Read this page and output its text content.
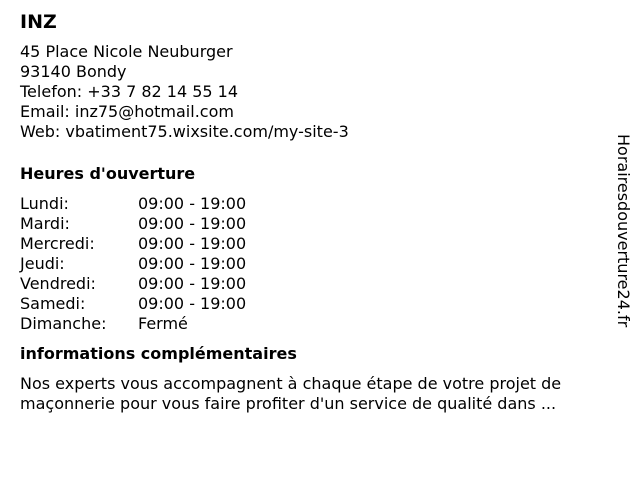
INZ
45 Place Nicole Neuburger
93140 Bondy
Telefon: +33 7 82 14 55 14
Email: inz75@hotmail.com
Web: vbatiment75.wixsite.com/my-site-3
Heures d'ouverture
Lundi:	09:00 - 19:00
Mardi:	09:00 - 19:00
Mercredi:	09:00 - 19:00
Jeudi:	09:00 - 19:00
Vendredi:	09:00 - 19:00
Samedi:	09:00 - 19:00
Dimanche:	Fermé
informations complémentaires
Nos experts vous accompagnent à chaque étape de votre projet de maçonnerie pour vous faire profiter d'un service de qualité dans ...
Horairesdouverture24.fr
